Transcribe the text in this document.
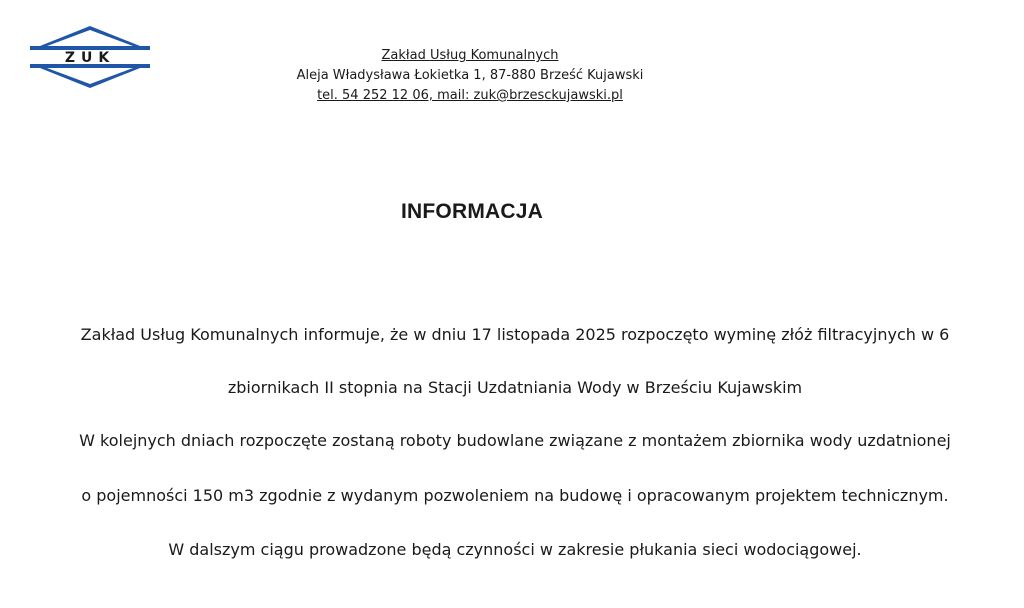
ZUK	Zakład Usług Komunalnych
Aleja Władysława Łokietka 1, 87-880 Brześć Kujawski
tel. 54 252 12 06, mail: zuk@brzesckujawski.pl
INFORMACJA
Zakład Usług Komunalnych informuje, że w dniu 17 listopada 2025 rozpoczęto wyminę złóż filtracyjnych w 6
zbiornikach II stopnia na Stacji Uzdatniania Wody w Brześciu Kujawskim
W kolejnych dniach rozpoczęte zostaną roboty budowlane związane z montażem zbiornika wody uzdatnionej
o pojemności 150 m3 zgodnie z wydanym pozwoleniem na budowę i opracowanym projektem technicznym.
W dalszym ciągu prowadzone będą czynności w zakresie płukania sieci wodociągowej.
